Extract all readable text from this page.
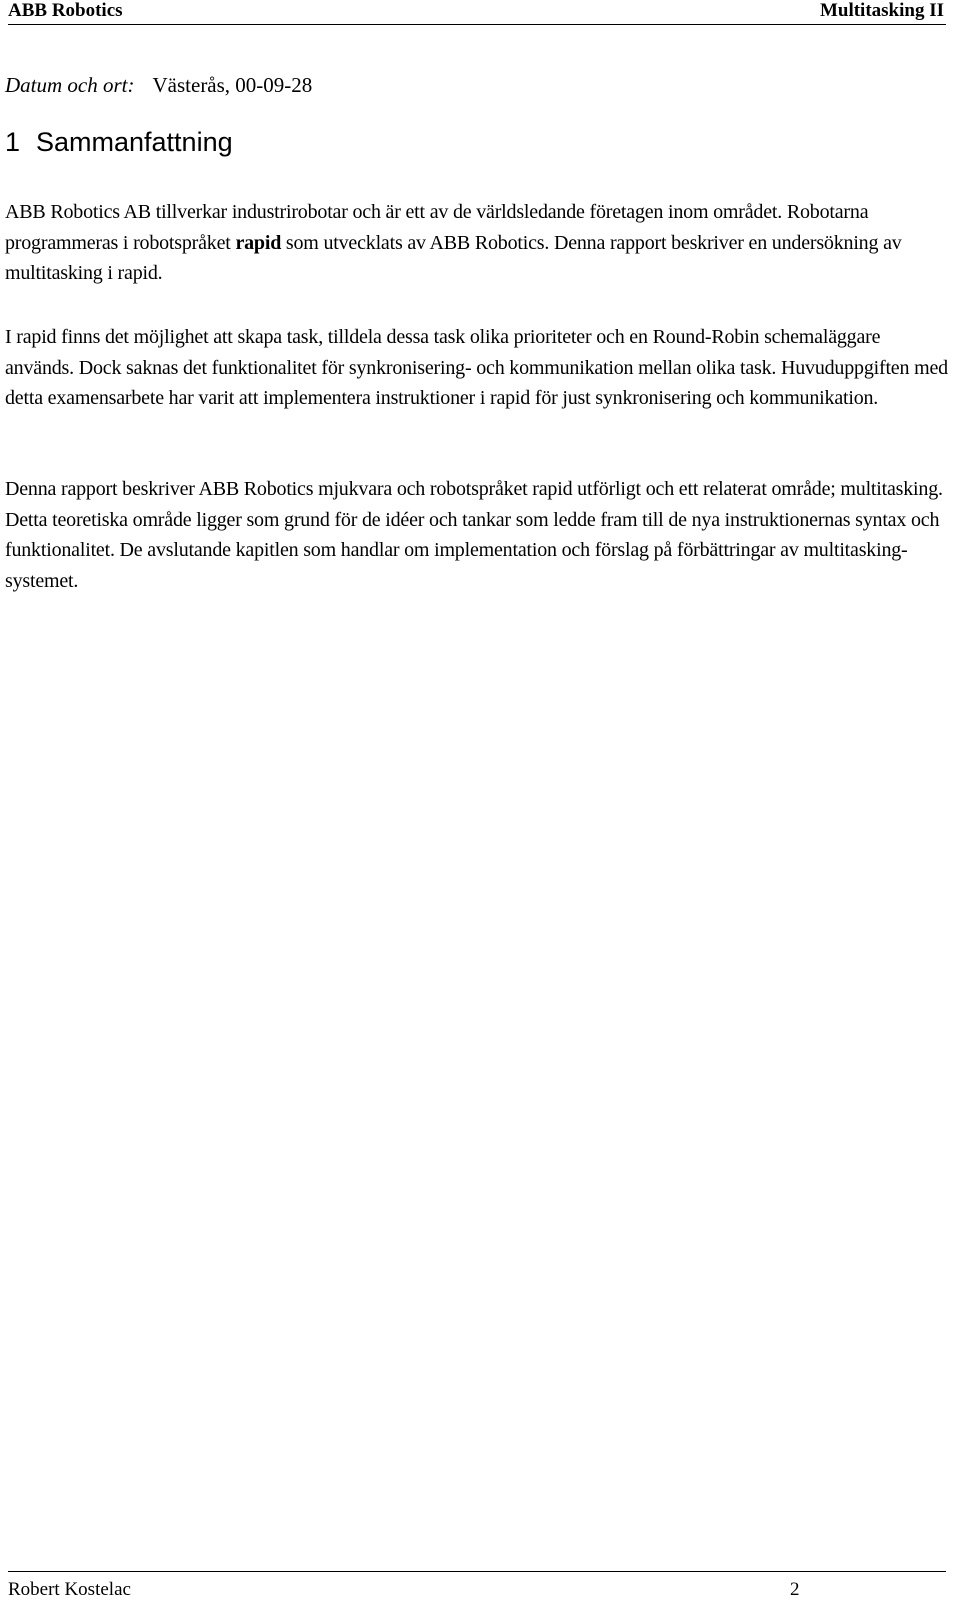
ABB Robotics	Multitasking II
Datum och ort: Västerås, 00-09-28
1 Sammanfattning

ABB Robotics AB tillverkar industrirobotar och är ett av de världsledande företagen inom området. Robotarna programmeras i robotspråket rapid som utvecklats av ABB Robotics. Denna rapport beskriver en undersökning av multitasking i rapid.

I rapid finns det möjlighet att skapa task, tilldela dessa task olika prioriteter och en Round-Robin schemaläggare används. Dock saknas det funktionalitet för synkronisering- och kommunikation mellan olika task. Huvuduppgiften med detta examensarbete har varit att implementera instruktioner i rapid för just synkronisering och kommunikation.

Denna rapport beskriver ABB Robotics mjukvara och robotspråket rapid utförligt och ett relaterat område; multitasking. Detta teoretiska område ligger som grund för de idéer och tankar som ledde fram till de nya instruktionernas syntax och funktionalitet. De avslutande kapitlen som handlar om implementation och förslag på förbättringar av multitasking-systemet.

Robert Kostelac	2
